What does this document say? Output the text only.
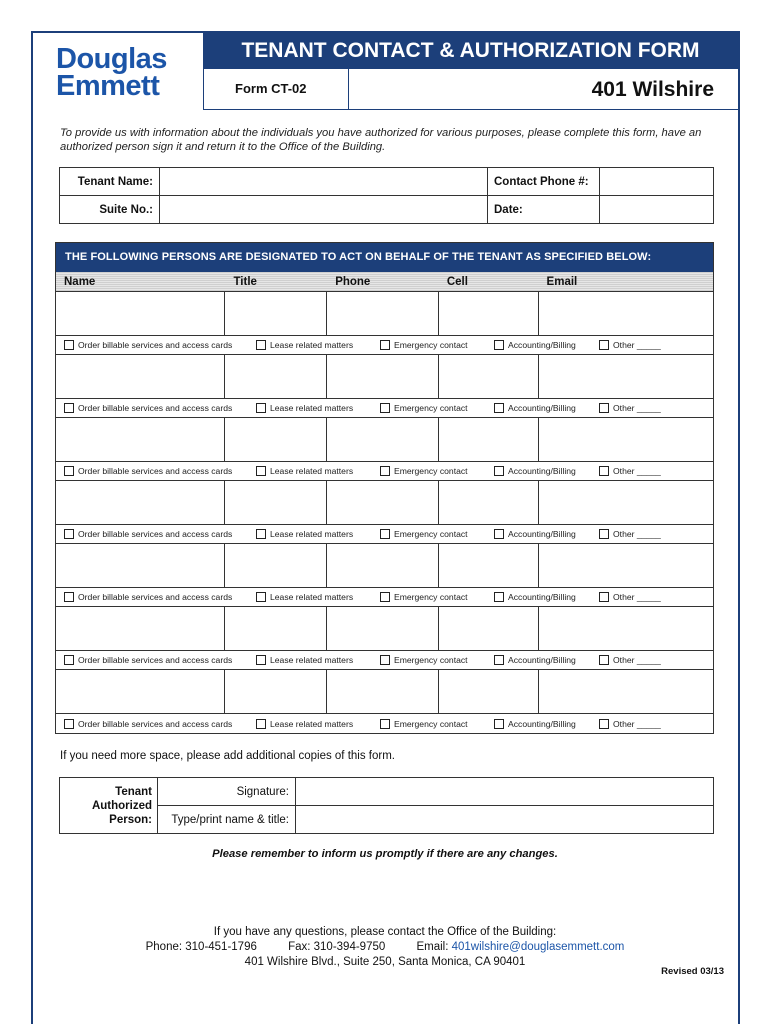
Douglas
Emmett
TENANT CONTACT & AUTHORIZATION FORM
Form CT-02	401 Wilshire
To provide us with information about the individuals you have authorized for various purposes, please complete this form, have an authorized person sign it and return it to the Office of the Building.
Tenant Name:		Contact Phone #:	
Suite No.:		Date:	
THE FOLLOWING PERSONS ARE DESIGNATED TO ACT ON BEHALF OF THE TENANT AS SPECIFIED BELOW:
Name	Title	Phone	Cell	Email
Order billable services and access cards	Lease related matters	Emergency contact	Accounting/Billing	Other _____
Order billable services and access cards	Lease related matters	Emergency contact	Accounting/Billing	Other _____
Order billable services and access cards	Lease related matters	Emergency contact	Accounting/Billing	Other _____
Order billable services and access cards	Lease related matters	Emergency contact	Accounting/Billing	Other _____
Order billable services and access cards	Lease related matters	Emergency contact	Accounting/Billing	Other _____
Order billable services and access cards	Lease related matters	Emergency contact	Accounting/Billing	Other _____
Order billable services and access cards	Lease related matters	Emergency contact	Accounting/Billing	Other _____
If you need more space, please add additional copies of this form.
Tenant
Authorized
Person:	Signature:	
	Type/print name & title:	
Please remember to inform us promptly if there are any changes.
If you have any questions, please contact the Office of the Building:
Phone: 310-451-1796	Fax: 310-394-9750	Email: 401wilshire@douglasemmett.com
401 Wilshire Blvd., Suite 250, Santa Monica, CA 90401
Revised 03/13
